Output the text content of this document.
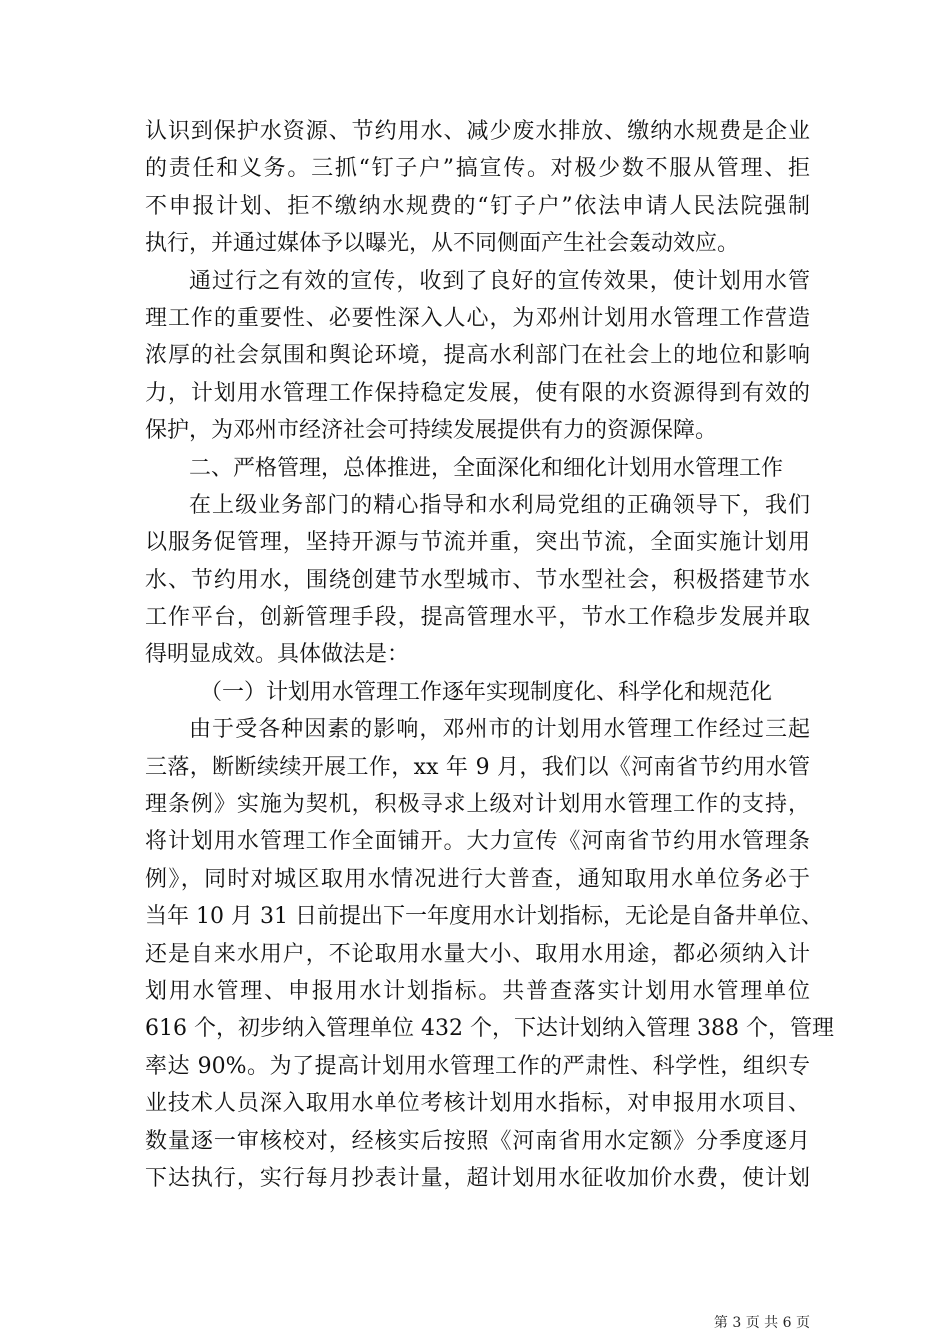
认识到保护水资源、节约用水、减少废水排放、缴纳水规费是企业
的责任和义务。三抓“钉子户”搞宣传。对极少数不服从管理、拒
不申报计划、拒不缴纳水规费的“钉子户”依法申请人民法院强制
执行，并通过媒体予以曝光，从不同侧面产生社会轰动效应。
通过行之有效的宣传，收到了良好的宣传效果，使计划用水管
理工作的重要性、必要性深入人心，为邓州计划用水管理工作营造
浓厚的社会氛围和舆论环境，提高水利部门在社会上的地位和影响
力，计划用水管理工作保持稳定发展，使有限的水资源得到有效的
保护，为邓州市经济社会可持续发展提供有力的资源保障。
二、严格管理，总体推进，全面深化和细化计划用水管理工作
在上级业务部门的精心指导和水利局党组的正确领导下，我们
以服务促管理，坚持开源与节流并重，突出节流，全面实施计划用
水、节约用水，围绕创建节水型城市、节水型社会，积极搭建节水
工作平台，创新管理手段，提高管理水平，节水工作稳步发展并取
得明显成效。具体做法是：
（一）计划用水管理工作逐年实现制度化、科学化和规范化
由于受各种因素的影响，邓州市的计划用水管理工作经过三起
三落，断断续续开展工作，xx 年 9 月，我们以《河南省节约用水管
理条例》实施为契机，积极寻求上级对计划用水管理工作的支持，
将计划用水管理工作全面铺开。大力宣传《河南省节约用水管理条
例》，同时对城区取用水情况进行大普查，通知取用水单位务必于
当年 10 月 31 日前提出下一年度用水计划指标，无论是自备井单位、
还是自来水用户，不论取用水量大小、取用水用途，都必须纳入计
划用水管理、申报用水计划指标。共普查落实计划用水管理单位
616 个，初步纳入管理单位 432 个，下达计划纳入管理 388 个，管理
率达 90%。为了提高计划用水管理工作的严肃性、科学性，组织专
业技术人员深入取用水单位考核计划用水指标，对申报用水项目、
数量逐一审核校对，经核实后按照《河南省用水定额》分季度逐月
下达执行，实行每月抄表计量，超计划用水征收加价水费，使计划
第 3 页 共 6 页
